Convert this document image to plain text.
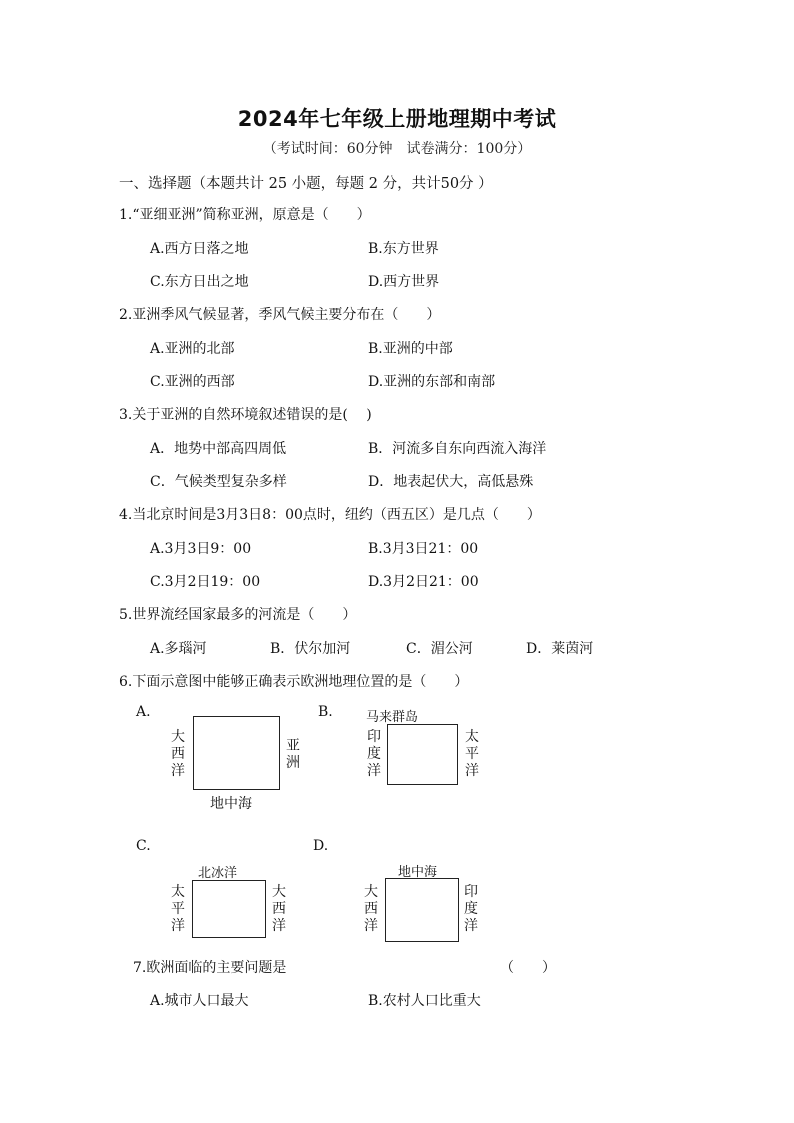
2024年七年级上册地理期中考试
（考试时间：60分钟　试卷满分：100分）
一、选择题（本题共计 25 小题，每题 2 分，共计50分 ）
1.“亚细亚洲”简称亚洲，原意是（　　）
A.西方日落之地	B.东方世界
C.东方日出之地	D.西方世界
2.亚洲季风气候显著，季风气候主要分布在（　　）
A.亚洲的北部	B.亚洲的中部
C.亚洲的西部	D.亚洲的东部和南部
3.关于亚洲的自然环境叙述错误的是(　 )
A．地势中部高四周低	B．河流多自东向西流入海洋
C．气候类型复杂多样	D．地表起伏大，高低悬殊
4.当北京时间是3月3日8：00点时，纽约（西五区）是几点（　　）
A.3月3日9：00	B.3月3日21：00
C.3月2日19：00	D.3月2日21：00
5.世界流经国家最多的河流是（　　）
A.多瑙河	B．伏尔加河	C．湄公河	D．莱茵河
6.下面示意图中能够正确表示欧洲地理位置的是（　　）
A.
大西洋
亚洲
地中海
B.	马来群岛
印度洋
太平洋
C.
北冰洋
太平洋
大西洋
D.
地中海
大西洋
印度洋
7.欧洲面临的主要问题是	（　　）
A.城市人口最大	B.农村人口比重大
